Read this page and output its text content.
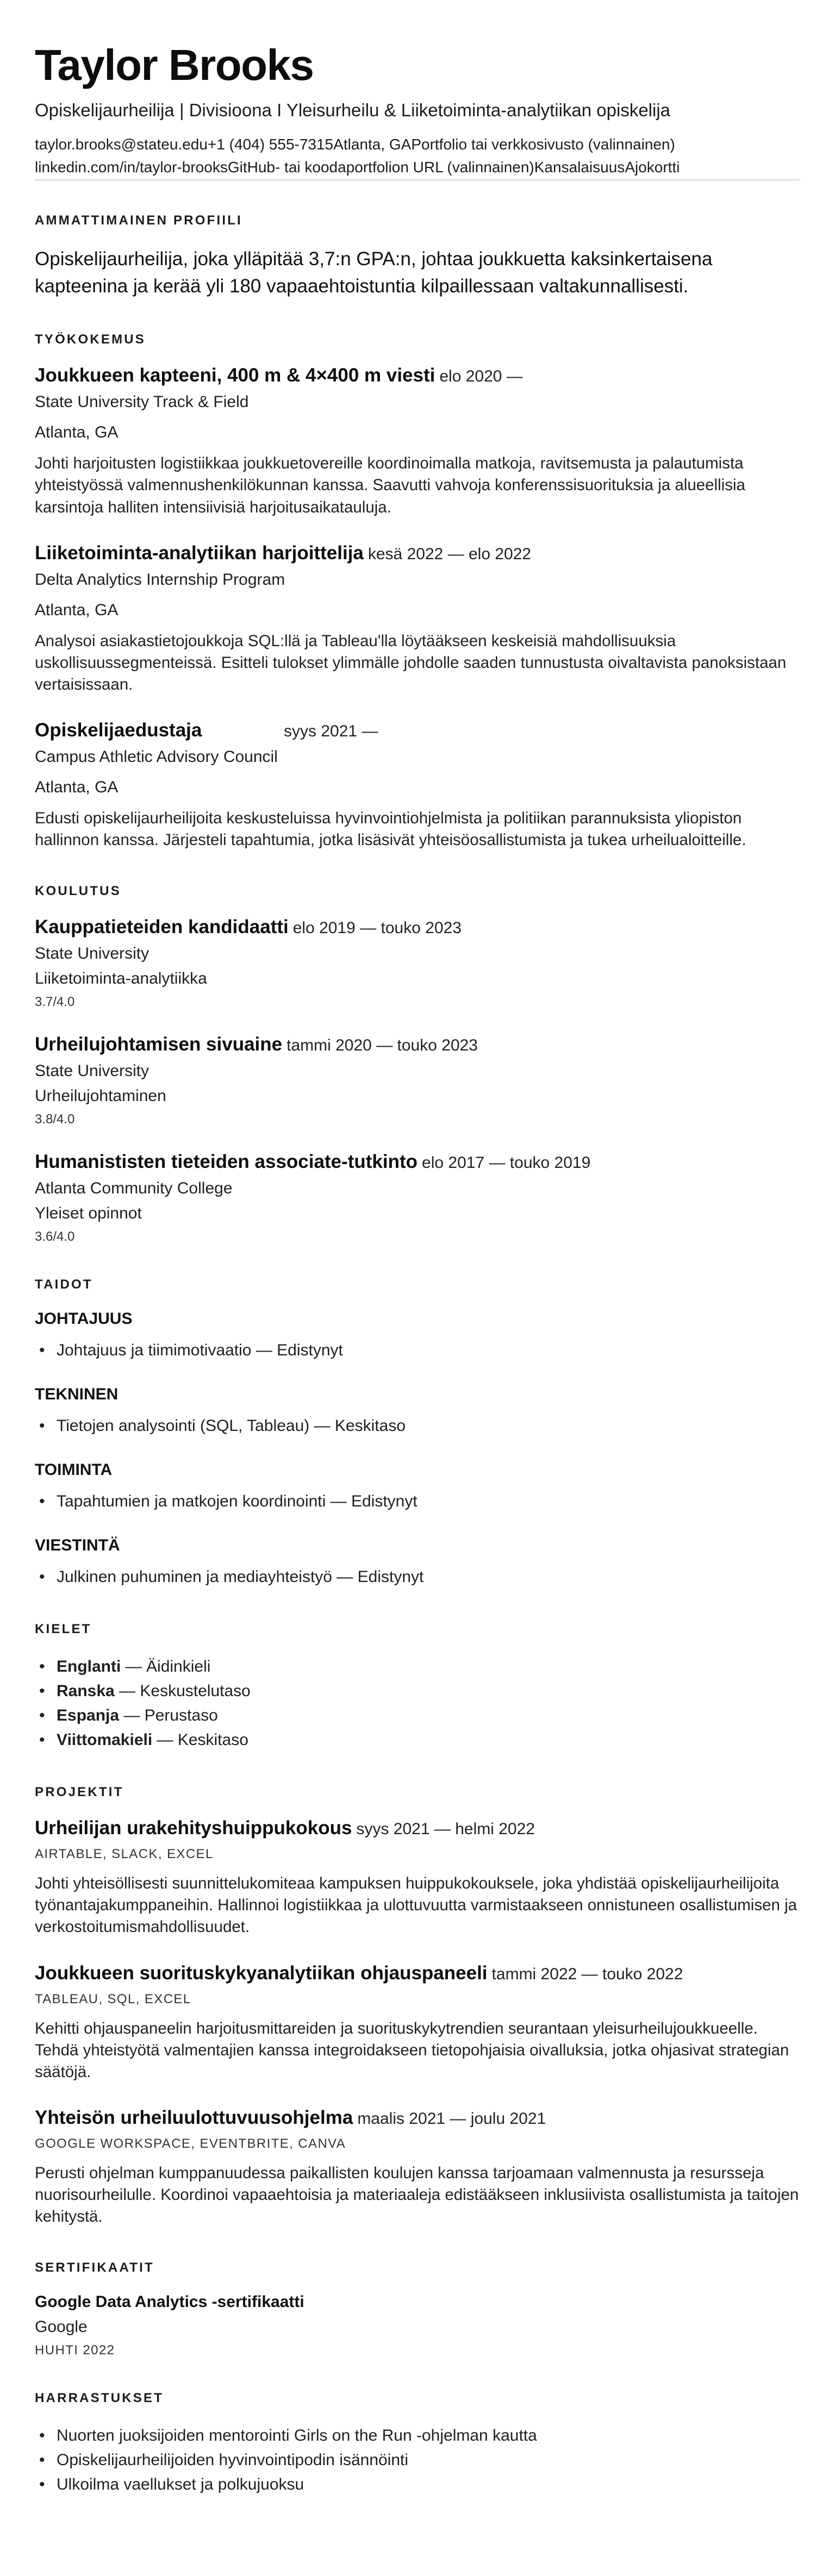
Taylor Brooks
Opiskelijaurheilija | Divisioona I Yleisurheilu & Liiketoiminta-analytiikan opiskelija
taylor.brooks@stateu.edu +1 (404) 555-7315 Atlanta, GA Portfolio tai verkkosivusto (valinnainen)
linkedin.com/in/taylor-brooks GitHub- tai koodaportfolion URL (valinnainen) Kansalaisuus Ajokortti
AMMATTIMAINEN PROFIILI

Opiskelijaurheilija, joka ylläpitää 3,7:n GPA:n, johtaa joukkuetta kaksinkertaisena kapteenina ja kerää yli 180 vapaaehtoistuntia kilpaillessaan valtakunnallisesti.

TYÖKOKEMUS
Joukkueen kapteeni, 400 m & 4×400 m viesti elo 2020 —
State University Track & Field
Atlanta, GA

Johti harjoitusten logistiikkaa joukkuetovereille koordinoimalla matkoja, ravitsemusta ja palautumista yhteistyössä valmennushenkilökunnan kanssa. Saavutti vahvoja konferenssisuorituksia ja alueellisia karsintoja halliten intensiivisiä harjoitusaikatauluja.

Liiketoiminta-analytiikan harjoittelija kesä 2022 — elo 2022
Delta Analytics Internship Program
Atlanta, GA

Analysoi asiakastietojoukkoja SQL:llä ja Tableau'lla löytääkseen keskeisiä mahdollisuuksia uskollisuussegmenteissä. Esitteli tulokset ylimmälle johdolle saaden tunnustusta oivaltavista panoksistaan vertaisissaan.

Opiskelijaedustaja	syys 2021 —
Campus Athletic Advisory Council
Atlanta, GA

Edusti opiskelijaurheilijoita keskusteluissa hyvinvointiohjelmista ja politiikan parannuksista yliopiston hallinnon kanssa. Järjesteli tapahtumia, jotka lisäsivät yhteisöosallistumista ja tukea urheilualoitteille.

KOULUTUS
Kauppatieteiden kandidaatti elo 2019 — touko 2023
State University
Liiketoiminta-analytiikka
3.7/4.0
Urheilujohtamisen sivuaine tammi 2020 — touko 2023
State University
Urheilujohtaminen
3.8/4.0
Humanististen tieteiden associate-tutkinto elo 2017 — touko 2019
Atlanta Community College
Yleiset opinnot
3.6/4.0
TAIDOT
JOHTAJUUS
• Johtajuus ja tiimimotivaatio — Edistynyt
TEKNINEN
• Tietojen analysointi (SQL, Tableau) — Keskitaso
TOIMINTA
• Tapahtumien ja matkojen koordinointi — Edistynyt
VIESTINTÄ
• Julkinen puhuminen ja mediayhteistyö — Edistynyt
KIELET
• Englanti — Äidinkieli
• Ranska — Keskustelutaso
• Espanja — Perustaso
• Viittomakieli — Keskitaso
PROJEKTIT
Urheilijan urakehityshuippukokous syys 2021 — helmi 2022
AIRTABLE, SLACK, EXCEL

Johti yhteisöllisesti suunnittelukomiteaa kampuksen huippukokouksele, joka yhdistää opiskelijaurheilijoita työnantajakumppaneihin. Hallinnoi logistiikkaa ja ulottuvuutta varmistaakseen onnistuneen osallistumisen ja verkostoitumismahdollisuudet.

Joukkueen suorituskykyanalytiikan ohjauspaneeli tammi 2022 — touko 2022
TABLEAU, SQL, EXCEL

Kehitti ohjauspaneelin harjoitusmittareiden ja suorituskykytrendien seurantaan yleisurheilujoukkueelle. Tehdä yhteistyötä valmentajien kanssa integroidakseen tietopohjaisia oivalluksia, jotka ohjasivat strategian säätöjä.

Yhteisön urheiluulottuvuusohjelma maalis 2021 — joulu 2021
GOOGLE WORKSPACE, EVENTBRITE, CANVA

Perusti ohjelman kumppanuudessa paikallisten koulujen kanssa tarjoamaan valmennusta ja resursseja nuorisourheilulle. Koordinoi vapaaehtoisia ja materiaaleja edistääkseen inklusiivista osallistumista ja taitojen kehitystä.

SERTIFIKAATIT
Google Data Analytics -sertifikaatti
Google
HUHTI 2022
HARRASTUKSET
• Nuorten juoksijoiden mentorointi Girls on the Run -ohjelman kautta
• Opiskelijaurheilijoiden hyvinvointipodin isännöinti
• Ulkoilma vaellukset ja polkujuoksu
